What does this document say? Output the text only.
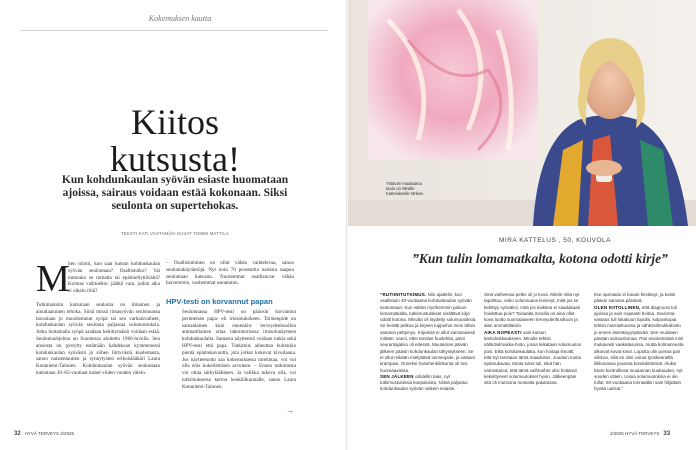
Kokemuksen kautta
Kiitos
kutsusta!
Kun kohdunkaulan syövän esiaste huomataan ajoissa, sairaus voidaan estää kokonaan. Siksi seulonta on supertehokas.
TEKSTI KATI VASTAMÄKI KUVAT TOMMI MATTILA
M
iten toimii, kun saat kutsun kohdunkaulan syövän seulontaan? Osallistutko? Vai tuntuuko se turhalta tai epämiellyttävältä? Kolmas vaihtoehto: jäätkö vain, joihin alka ei oikein riitä?
Tutkimuksiin kutsutaan seulonta on ilmainen ja ainutlaatuinen tehoka. Siinä missä rintasyövän seulonnassa havaitaan jo muodostunut syöpä tai sen varhaisvaiheet, kohdunkaulan syövän seulonta paljastaa solumuutoksia. Jotka hoitamalla syöpä saadaan kehittymästä voidaan estää. Seulontaohjelma on Suomessa aloitettu 1960-luvulla. Sen ansiosta on pystytty estämään kahdeksan kymmenestä kohdunkaulan syövästä ja siihen liittyvästä kuolemasta, sanoo naistentautien ja synnytysten erikoislääkäri Laura Kotaniemi-Talonen. Kohdunkaulan syövän seulontaan kutsutaan 30–65-vuotiaat naiset viiden vuoden välein.
– Osallistuminen on ollut vähän vaihtelevaa, sanoo seulontakäytäntöjä. Nyt noin 70 prosenttia naisista saapuu seulontaan kutsusta. Nuoremmat osallistuvat vähän harvemmin, vanhemmat useammin.
HPV-testi on korvannut papan
Seulonnassa HPV-testi on pääosin korvannut perinteisen papa- eli irtosolukokeen. Toimenpide on samanlainen kuin ennenkin: terveydenhuollon ammattilainen ottaa laboratoriossa irtosolunäytteen kohdunkaulalta. Samasta näytteestä voidaan tutkia sekä HPV-testi että papa. Tutkimus aiheuttaa kuitenkin pientä epämukavuutta, jota jotkut kokevat kivuliaana. Jos näytteenotto saa kokemuksesta mietintaa, voi voi olla eräs kokeilemisen arvoinen. – Ennen tutkimusta voi ottaa särkylääkkeen. Ja valikka tukeva olla, voi tutkimuksessa kertoa henkilökunnalle, sanoo Laura Kotaniemi-Talonen.
→
32 HYVÄ TERVEYS 2/2025
Ystävän maalaama taulu on Miralle Kattelukselle tärkeä.
MIRA KATTELUS , 50, KOUVOLA
”Kun tulin lomamatkalta, kotona odotti kirje”
”RUTIINITUTKIMUS. Niin ajattelin, kun osallistuin 40-vuotiaana kohdunkaulan syövän seulontaan. Kun vähän myöhemmin paluun lomamatkalta, tutkimustulokset sisältävä kirje odotti kotona. Minulta oli löydetty solumuutoksia. Se herätti pelkoa ja kirjeen luppuihin meni lähes sanaton pettymys. Kirjeissä ei ollut varsinaisesti mitään: sanoi, ettei tarvitse huolehtia, pieni seurantajakso oli edessä. Muutaman päivän jälkeen pääsin kohdunkaulan tähystykseen. Se ei ollut mikään mielyttävä toimenpide, ja vatsani krampasi. Onneksi hoitohenkilökunta oli tosi huomaavaista.
SEN JÄLKEEN odotellin taas, nyt tutkimustuloksia koepaloista. Niistä paljastui kohdunkaulan syövän vaikein esiaste.
Sinä vaiheessa pelko oli jo kova. Mietin mitä nyt tapahtuu, onko solumuutos levinnyt, mitä jos se kehittyy syöväksi, mitä jos kaikkea ei saadakaan hoidettua pois? Toisaalta minulla on aina ollut kova luotto suomalaiseen terveydenhuoltoon ja alan ammattilaisiin.
AIKA NOPEASTI sain kutsun kartioleikkaukseen. Minulle tehtiin sähkösilmukka-hoito, jossa leikataan solumuutos pois. Eikä kohdunkaulalta, kun hoitaja ilmoitti, että nyt tarvitaan tämä maadoitus. Jouduin tuntia epämukavaa. Mutta tulos tuli, eikä hän varmistanut, että tämä vaihtoehto olisi hoitanut keksittyneet solumuutokset hyvin. Jälkeenpäin sitä oli muistona moniaita pakarassa.
Itse operaatio ei kauan kestänyt, ja kotiin pääsin samana päivänä.
OLEN KIITOLLINEN, että diagnoosi tuli ajoissa ja sain nopeasti hoitoa. Seulonta-vastaus tuli lokakuun lopulla, kolposkopia tehtiin marraskuussa ja sähkösilmukkahoito jo ennen itsenäisyyspäivää. Sen muistaen pävään sairauslomaa. Pari ensimmäistä mini mukavasti vaakatasossa, mutta kolmannesta alkoivat kovat kivut. Lopulta olin poissa pari viikkoa, sillä en olisi voinut työskennellä liikkuvassa junassa konduktöörinä. Aluksi kävin kontrollissa muutaman kuukauden, nyt vuoden välein. Uusia solumuutoksia ei ole tullut. 50-vuotiaana lonnaatkin sain hiljattain hyvää uutisia.”
2/2025 HYVÄ TERVEYS 33
